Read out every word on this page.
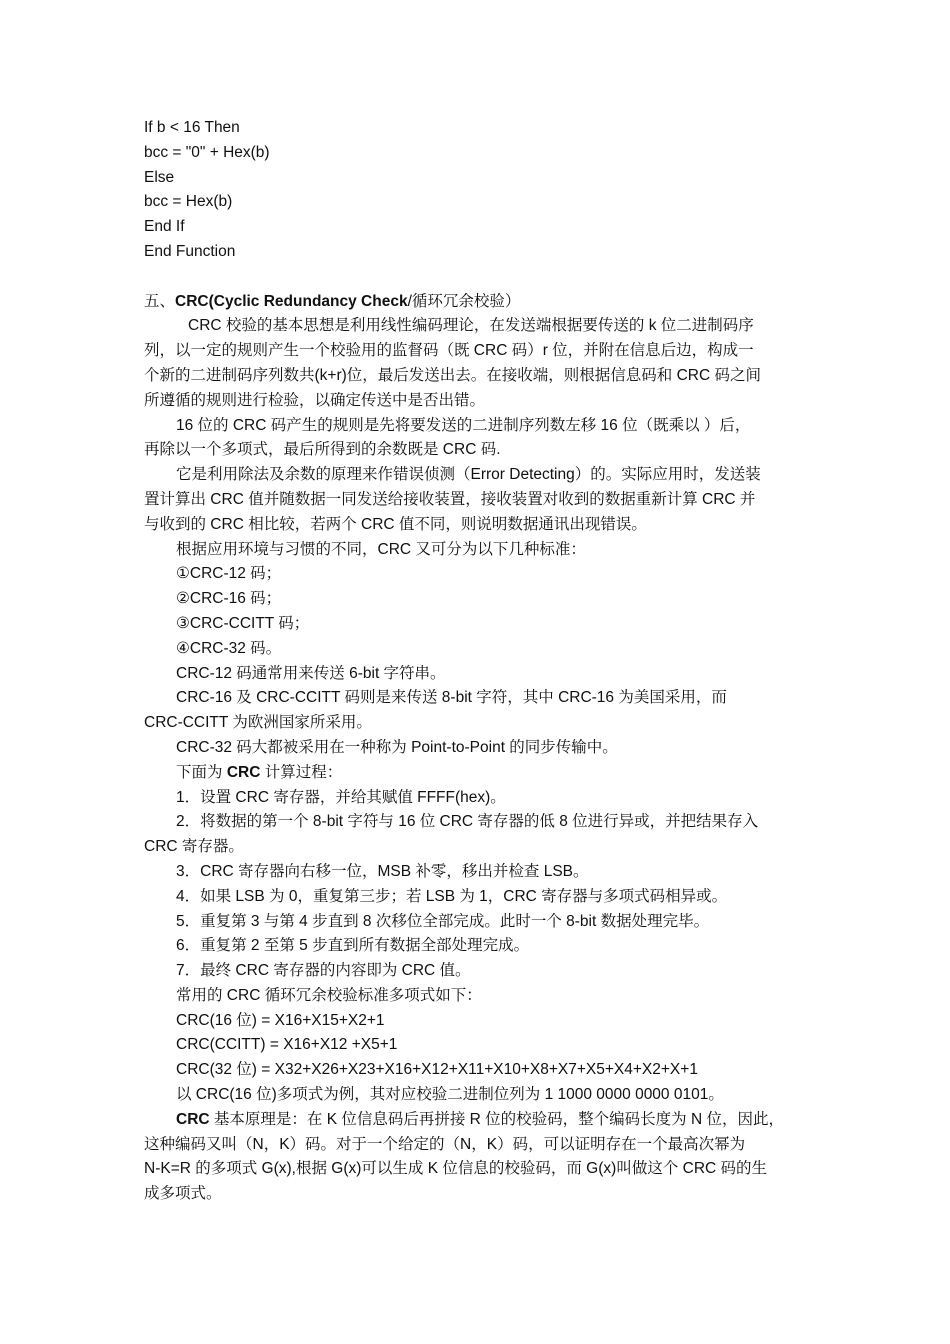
If b < 16 Then
bcc = "0" + Hex(b)
Else
bcc = Hex(b)
End If
End Function
五、CRC(Cyclic Redundancy Check/循环冗余校验）
CRC 校验的基本思想是利用线性编码理论，在发送端根据要传送的 k 位二进制码序
列，以一定的规则产生一个校验用的监督码（既 CRC 码）r 位，并附在信息后边，构成一
个新的二进制码序列数共(k+r)位，最后发送出去。在接收端，则根据信息码和 CRC 码之间
所遵循的规则进行检验，以确定传送中是否出错。
16 位的 CRC 码产生的规则是先将要发送的二进制序列数左移 16 位（既乘以 ）后，
再除以一个多项式，最后所得到的余数既是 CRC 码.
它是利用除法及余数的原理来作错误侦测（Error Detecting）的。实际应用时，发送装
置计算出 CRC 值并随数据一同发送给接收装置，接收装置对收到的数据重新计算 CRC 并
与收到的 CRC 相比较，若两个 CRC 值不同，则说明数据通讯出现错误。
根据应用环境与习惯的不同，CRC 又可分为以下几种标准：
①CRC-12 码；
②CRC-16 码；
③CRC-CCITT 码；
④CRC-32 码。
CRC-12 码通常用来传送 6-bit 字符串。
CRC-16 及 CRC-CCITT 码则是来传送 8-bit 字符，其中 CRC-16 为美国采用，而
CRC-CCITT 为欧洲国家所采用。
CRC-32 码大都被采用在一种称为 Point-to-Point 的同步传输中。
下面为 CRC 计算过程：
1．设置 CRC 寄存器，并给其赋值 FFFF(hex)。
2．将数据的第一个 8-bit 字符与 16 位 CRC 寄存器的低 8 位进行异或，并把结果存入
CRC 寄存器。
3．CRC 寄存器向右移一位，MSB 补零，移出并检查 LSB。
4．如果 LSB 为 0，重复第三步；若 LSB 为 1，CRC 寄存器与多项式码相异或。
5．重复第 3 与第 4 步直到 8 次移位全部完成。此时一个 8-bit 数据处理完毕。
6．重复第 2 至第 5 步直到所有数据全部处理完成。
7．最终 CRC 寄存器的内容即为 CRC 值。
常用的 CRC 循环冗余校验标准多项式如下：
CRC(16 位) = X16+X15+X2+1
CRC(CCITT) = X16+X12 +X5+1
CRC(32 位) = X32+X26+X23+X16+X12+X11+X10+X8+X7+X5+X4+X2+X+1
以 CRC(16 位)多项式为例，其对应校验二进制位列为 1 1000 0000 0000 0101。
CRC 基本原理是：在 K 位信息码后再拼接 R 位的校验码，整个编码长度为 N 位，因此，
这种编码又叫（N，K）码。对于一个给定的（N，K）码，可以证明存在一个最高次幂为
N-K=R 的多项式 G(x),根据 G(x)可以生成 K 位信息的校验码，而 G(x)叫做这个 CRC 码的生
成多项式。
